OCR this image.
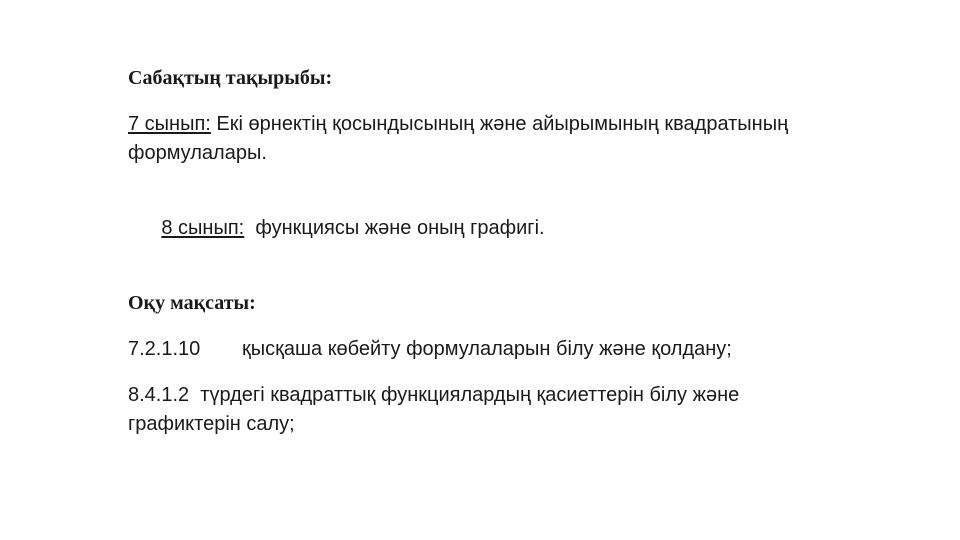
Сабақтың тақырыбы:

7 сынып: Екі өрнектің қосындысының және айырымының квадратының формулалары.

8 сынып:  функциясы және оның графигі.

Оқу мақсаты:

7.2.1.10 қысқаша көбейту формулаларын білу және қолдану;

8.4.1.2 түрдегі квадраттық функциялардың қасиеттерін білу және графиктерін салу;
